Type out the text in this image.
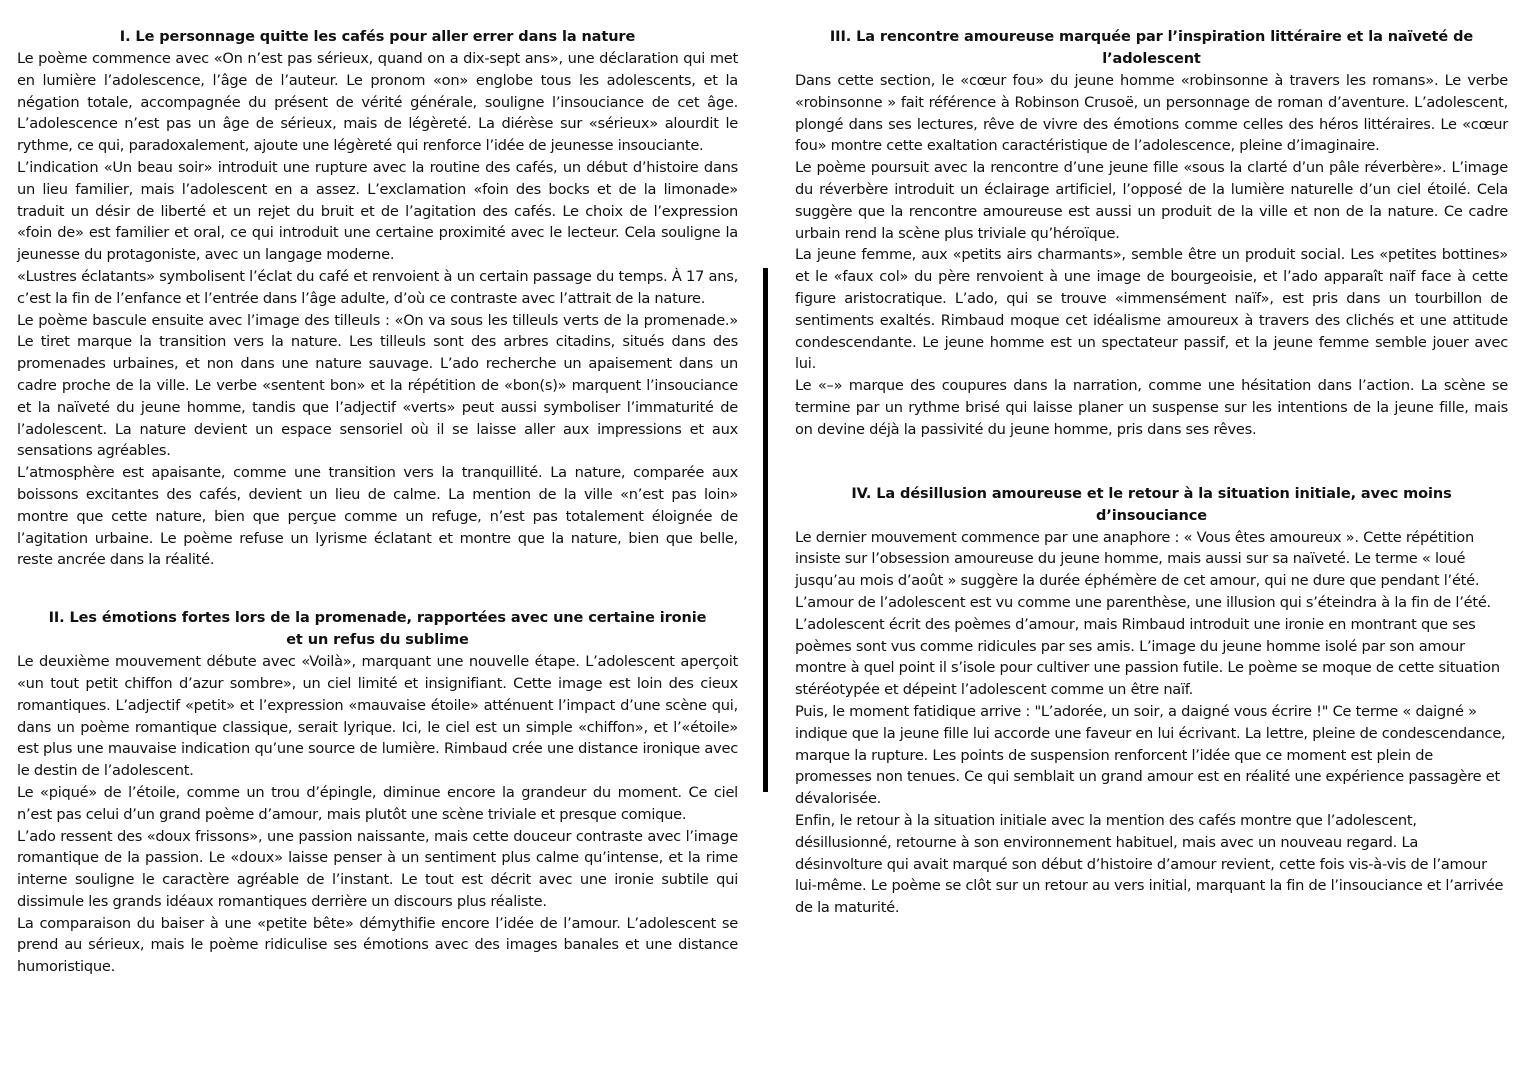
I. Le personnage quitte les cafés pour aller errer dans la nature

Le poème commence avec «On n’est pas sérieux, quand on a dix-sept ans», une déclaration qui met en lumière l’adolescence, l’âge de l’auteur. Le pronom «on» englobe tous les adolescents, et la négation totale, accompagnée du présent de vérité générale, souligne l’insouciance de cet âge. L’adolescence n’est pas un âge de sérieux, mais de légèreté. La diérèse sur «sérieux» alourdit le rythme, ce qui, paradoxalement, ajoute une légèreté qui renforce l’idée de jeunesse insouciante.

L’indication «Un beau soir» introduit une rupture avec la routine des cafés, un début d’histoire dans un lieu familier, mais l’adolescent en a assez. L’exclamation «foin des bocks et de la limonade» traduit un désir de liberté et un rejet du bruit et de l’agitation des cafés. Le choix de l’expression «foin de» est familier et oral, ce qui introduit une certaine proximité avec le lecteur. Cela souligne la jeunesse du protagoniste, avec un langage moderne.

«Lustres éclatants» symbolisent l’éclat du café et renvoient à un certain passage du temps. À 17 ans, c’est la fin de l’enfance et l’entrée dans l’âge adulte, d’où ce contraste avec l’attrait de la nature.

Le poème bascule ensuite avec l’image des tilleuls : «On va sous les tilleuls verts de la promenade.» Le tiret marque la transition vers la nature. Les tilleuls sont des arbres citadins, situés dans des promenades urbaines, et non dans une nature sauvage. L’ado recherche un apaisement dans un cadre proche de la ville. Le verbe «sentent bon» et la répétition de «bon(s)» marquent l’insouciance et la naïveté du jeune homme, tandis que l’adjectif «verts» peut aussi symboliser l’immaturité de l’adolescent. La nature devient un espace sensoriel où il se laisse aller aux impressions et aux sensations agréables.

L’atmosphère est apaisante, comme une transition vers la tranquillité. La nature, comparée aux boissons excitantes des cafés, devient un lieu de calme. La mention de la ville «n’est pas loin» montre que cette nature, bien que perçue comme un refuge, n’est pas totalement éloignée de l’agitation urbaine. Le poème refuse un lyrisme éclatant et montre que la nature, bien que belle, reste ancrée dans la réalité.

II. Les émotions fortes lors de la promenade, rapportées avec une certaine ironie et un refus du sublime

Le deuxième mouvement débute avec «Voilà», marquant une nouvelle étape. L’adolescent aperçoit «un tout petit chiffon d’azur sombre», un ciel limité et insignifiant. Cette image est loin des cieux romantiques. L’adjectif «petit» et l’expression «mauvaise étoile» atténuent l’impact d’une scène qui, dans un poème romantique classique, serait lyrique. Ici, le ciel est un simple «chiffon», et l’«étoile» est plus une mauvaise indication qu’une source de lumière. Rimbaud crée une distance ironique avec le destin de l’adolescent.

Le «piqué» de l’étoile, comme un trou d’épingle, diminue encore la grandeur du moment. Ce ciel n’est pas celui d’un grand poème d’amour, mais plutôt une scène triviale et presque comique.

L’ado ressent des «doux frissons», une passion naissante, mais cette douceur contraste avec l’image romantique de la passion. Le «doux» laisse penser à un sentiment plus calme qu’intense, et la rime interne souligne le caractère agréable de l’instant. Le tout est décrit avec une ironie subtile qui dissimule les grands idéaux romantiques derrière un discours plus réaliste.

La comparaison du baiser à une «petite bête» démythifie encore l’idée de l’amour. L’adolescent se prend au sérieux, mais le poème ridiculise ses émotions avec des images banales et une distance humoristique.

III. La rencontre amoureuse marquée par l’inspiration littéraire et la naïveté de l’adolescent

Dans cette section, le «cœur fou» du jeune homme «robinsonne à travers les romans». Le verbe «robinsonne » fait référence à Robinson Crusoë, un personnage de roman d’aventure. L’adolescent, plongé dans ses lectures, rêve de vivre des émotions comme celles des héros littéraires. Le «cœur fou» montre cette exaltation caractéristique de l’adolescence, pleine d’imaginaire.

Le poème poursuit avec la rencontre d’une jeune fille «sous la clarté d’un pâle réverbère». L’image du réverbère introduit un éclairage artificiel, l’opposé de la lumière naturelle d’un ciel étoilé. Cela suggère que la rencontre amoureuse est aussi un produit de la ville et non de la nature. Ce cadre urbain rend la scène plus triviale qu’héroïque.

La jeune femme, aux «petits airs charmants», semble être un produit social. Les «petites bottines» et le «faux col» du père renvoient à une image de bourgeoisie, et l’ado apparaît naïf face à cette figure aristocratique. L’ado, qui se trouve «immensément naïf», est pris dans un tourbillon de sentiments exaltés. Rimbaud moque cet idéalisme amoureux à travers des clichés et une attitude condescendante. Le jeune homme est un spectateur passif, et la jeune femme semble jouer avec lui.

Le «–» marque des coupures dans la narration, comme une hésitation dans l’action. La scène se termine par un rythme brisé qui laisse planer un suspense sur les intentions de la jeune fille, mais on devine déjà la passivité du jeune homme, pris dans ses rêves.

IV. La désillusion amoureuse et le retour à la situation initiale, avec moins d’insouciance

Le dernier mouvement commence par une anaphore : « Vous êtes amoureux ». Cette répétition insiste sur l’obsession amoureuse du jeune homme, mais aussi sur sa naïveté. Le terme « loué jusqu’au mois d’août » suggère la durée éphémère de cet amour, qui ne dure que pendant l’été. L’amour de l’adolescent est vu comme une parenthèse, une illusion qui s’éteindra à la fin de l’été.

L’adolescent écrit des poèmes d’amour, mais Rimbaud introduit une ironie en montrant que ses poèmes sont vus comme ridicules par ses amis. L’image du jeune homme isolé par son amour montre à quel point il s’isole pour cultiver une passion futile. Le poème se moque de cette situation stéréotypée et dépeint l’adolescent comme un être naïf.

Puis, le moment fatidique arrive : "L’adorée, un soir, a daigné vous écrire !" Ce terme « daigné » indique que la jeune fille lui accorde une faveur en lui écrivant. La lettre, pleine de condescendance, marque la rupture. Les points de suspension renforcent l’idée que ce moment est plein de promesses non tenues. Ce qui semblait un grand amour est en réalité une expérience passagère et dévalorisée.

Enfin, le retour à la situation initiale avec la mention des cafés montre que l’adolescent, désillusionné, retourne à son environnement habituel, mais avec un nouveau regard. La désinvolture qui avait marqué son début d’histoire d’amour revient, cette fois vis-à-vis de l’amour lui-même. Le poème se clôt sur un retour au vers initial, marquant la fin de l’insouciance et l’arrivée de la maturité.
